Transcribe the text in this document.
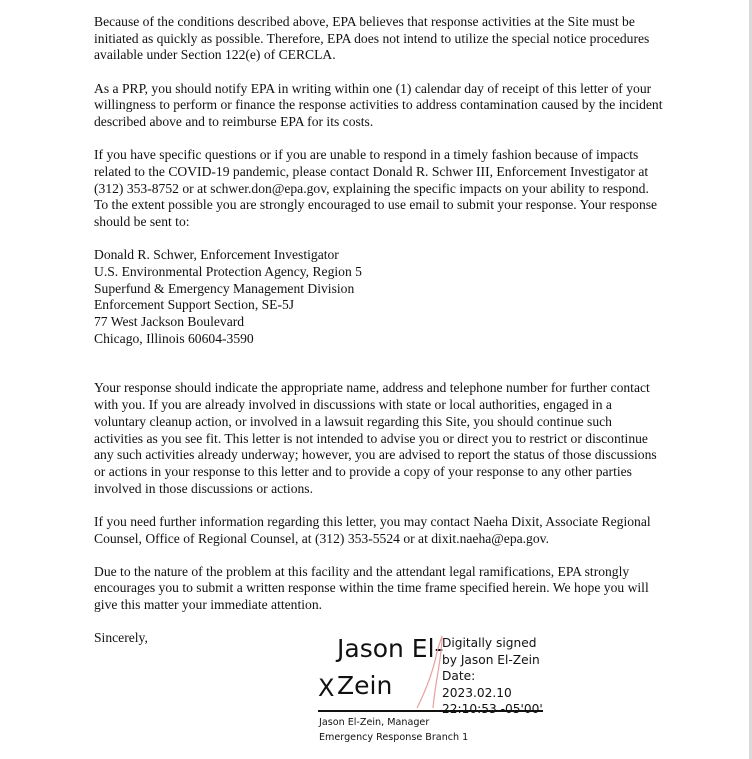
Because of the conditions described above, EPA believes that response activities at the Site must be initiated as quickly as possible. Therefore, EPA does not intend to utilize the special notice procedures available under Section 122(e) of CERCLA.

As a PRP, you should notify EPA in writing within one (1) calendar day of receipt of this letter of your willingness to perform or finance the response activities to address contamination caused by the incident described above and to reimburse EPA for its costs.

If you have specific questions or if you are unable to respond in a timely fashion because of impacts related to the COVID-19 pandemic, please contact Donald R. Schwer III, Enforcement Investigator at (312) 353-8752 or at schwer.don@epa.gov, explaining the specific impacts on your ability to respond. To the extent possible you are strongly encouraged to use email to submit your response. Your response should be sent to:

Donald R. Schwer, Enforcement Investigator
U.S. Environmental Protection Agency, Region 5
Superfund & Emergency Management Division
Enforcement Support Section, SE-5J
77 West Jackson Boulevard
Chicago, Illinois 60604-3590

Your response should indicate the appropriate name, address and telephone number for further contact with you. If you are already involved in discussions with state or local authorities, engaged in a voluntary cleanup action, or involved in a lawsuit regarding this Site, you should continue such activities as you see fit. This letter is not intended to advise you or direct you to restrict or discontinue any such activities already underway; however, you are advised to report the status of those discussions or actions in your response to this letter and to provide a copy of your response to any other parties involved in those discussions or actions.

If you need further information regarding this letter, you may contact Naeha Dixit, Associate Regional Counsel, Office of Regional Counsel, at (312) 353-5524 or at dixit.naeha@epa.gov.

Due to the nature of the problem at this facility and the attendant legal ramifications, EPA strongly encourages you to submit a written response within the time frame specified herein. We hope you will give this matter your immediate attention.

Sincerely,	Jason El-
X Zein
Digitally signed
by Jason El-Zein
Date: 2023.02.10
Jason El-Zein, Manager
Emergency Response Branch 1
